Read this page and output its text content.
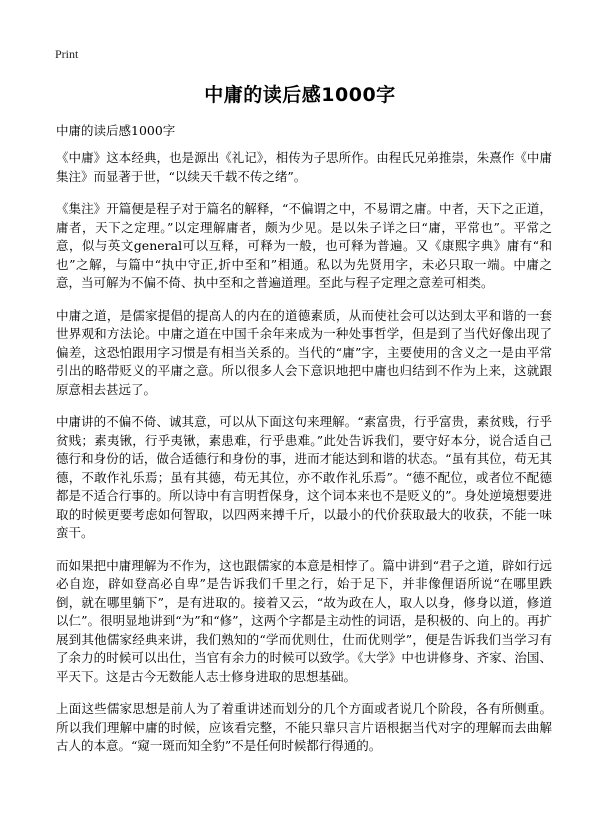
Print
中庸的读后感1000字

中庸的读后感1000字

《中庸》这本经典，也是源出《礼记》，相传为子思所作。由程氏兄弟推崇，朱熹作《中庸集注》而显著于世，“以续天千载不传之绪”。

《集注》开篇便是程子对于篇名的解释，“不偏谓之中，不易谓之庸。中者，天下之正道，庸者，天下之定理。”以定理解庸者，颇为少见。是以朱子详之曰“庸，平常也”。平常之意，似与英文general可以互释，可释为一般，也可释为普遍。又《康熙字典》庸有“和也”之解，与篇中“执中守正,折中至和”相通。私以为先贤用字，未必只取一端。中庸之意，当可解为不偏不倚、执中至和之普遍道理。至此与程子定理之意差可相类。

中庸之道，是儒家提倡的提高人的内在的道德素质，从而使社会可以达到太平和谐的一套世界观和方法论。中庸之道在中国千余年来成为一种处事哲学，但是到了当代好像出现了偏差，这恐怕跟用字习惯是有相当关系的。当代的“庸”字，主要使用的含义之一是由平常引出的略带贬义的平庸之意。所以很多人会下意识地把中庸也归结到不作为上来，这就跟原意相去甚远了。

中庸讲的不偏不倚、诚其意，可以从下面这句来理解。“素富贵，行乎富贵，素贫贱，行乎贫贱；素夷锹，行乎夷锹，素患难，行乎患难。”此处告诉我们，要守好本分，说合适自己德行和身份的话，做合适德行和身份的事，进而才能达到和谐的状态。“虽有其位，苟无其德，不敢作礼乐焉；虽有其德，苟无其位，亦不敢作礼乐焉”。“德不配位，或者位不配德都是不适合行事的。所以诗中有言明哲保身，这个词本来也不是贬义的”。身处逆境想要进取的时候更要考虑如何智取，以四两来搏千斤，以最小的代价获取最大的收获，不能一味蛮干。

而如果把中庸理解为不作为，这也跟儒家的本意是相悖了。篇中讲到“君子之道，辟如行远必自迩，辟如登高必自卑”是告诉我们千里之行，始于足下，并非像俚语所说“在哪里跌倒，就在哪里躺下”，是有进取的。接着又云，“故为政在人，取人以身，修身以道，修道以仁”。很明显地讲到“为”和“修”，这两个字都是主动性的词语，是积极的、向上的。再扩展到其他儒家经典来讲，我们熟知的“学而优则仕，仕而优则学”，便是告诉我们当学习有了余力的时候可以出仕，当官有余力的时候可以致学。《大学》中也讲修身、齐家、治国、平天下。这是古今无数能人志士修身进取的思想基础。

上面这些儒家思想是前人为了着重讲述而划分的几个方面或者说几个阶段，各有所侧重。所以我们理解中庸的时候，应该看完整，不能只靠只言片语根据当代对字的理解而去曲解古人的本意。“窥一斑而知全豹”不是任何时候都行得通的。
